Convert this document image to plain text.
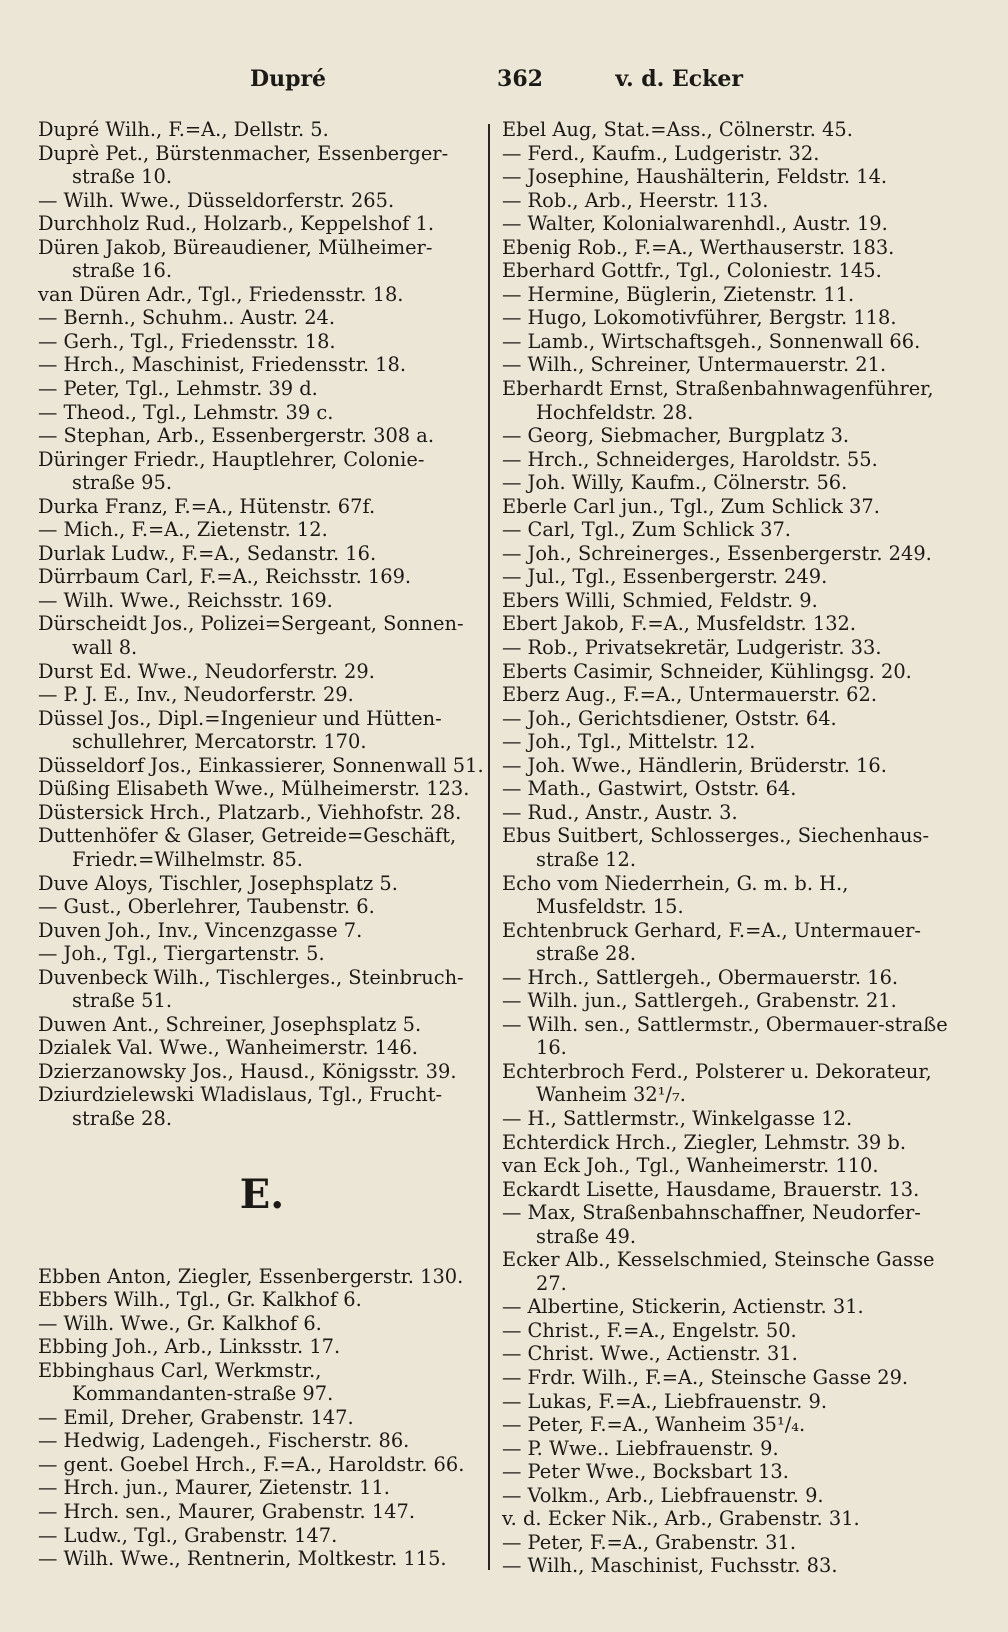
Dupré	362	v. d. Ecker
Dupré Wilh., F.=A., Dellstr. 5.
Duprè Pet., Bürstenmacher, Essenberger-straße 10.
— Wilh. Wwe., Düsseldorferstr. 265.
Durchholz Rud., Holzarb., Keppelshof 1.
Düren Jakob, Büreaudiener, Mülheimer-straße 16.
van Düren Adr., Tgl., Friedensstr. 18.
— Bernh., Schuhm.. Austr. 24.
— Gerh., Tgl., Friedensstr. 18.
— Hrch., Maschinist, Friedensstr. 18.
— Peter, Tgl., Lehmstr. 39 d.
— Theod., Tgl., Lehmstr. 39 c.
— Stephan, Arb., Essenbergerstr. 308 a.
Düringer Friedr., Hauptlehrer, Colonie-straße 95.
Durka Franz, F.=A., Hütenstr. 67f.
— Mich., F.=A., Zietenstr. 12.
Durlak Ludw., F.=A., Sedanstr. 16.
Dürrbaum Carl, F.=A., Reichsstr. 169.
— Wilh. Wwe., Reichsstr. 169.
Dürscheidt Jos., Polizei=Sergeant, Sonnen-wall 8.
Durst Ed. Wwe., Neudorferstr. 29.
— P. J. E., Inv., Neudorferstr. 29.
Düssel Jos., Dipl.=Ingenieur und Hütten-schullehrer, Mercatorstr. 170.
Düsseldorf Jos., Einkassierer, Sonnenwall 51.
Düßing Elisabeth Wwe., Mülheimerstr. 123.
Düstersick Hrch., Platzarb., Viehhofstr. 28.
Duttenhöfer & Glaser, Getreide=Geschäft, Friedr.=Wilhelmstr. 85.
Duve Aloys, Tischler, Josephsplatz 5.
— Gust., Oberlehrer, Taubenstr. 6.
Duven Joh., Inv., Vincenzgasse 7.
— Joh., Tgl., Tiergartenstr. 5.
Duvenbeck Wilh., Tischlerges., Steinbruch-straße 51.
Duwen Ant., Schreiner, Josephsplatz 5.
Dzialek Val. Wwe., Wanheimerstr. 146.
Dzierzanowsky Jos., Hausd., Königsstr. 39.
Dziurdzielewski Wladislaus, Tgl., Frucht-straße 28.
E.
Ebben Anton, Ziegler, Essenbergerstr. 130.
Ebbers Wilh., Tgl., Gr. Kalkhof 6.
— Wilh. Wwe., Gr. Kalkhof 6.
Ebbing Joh., Arb., Linksstr. 17.
Ebbinghaus Carl, Werkmstr., Kommandanten-straße 97.
— Emil, Dreher, Grabenstr. 147.
— Hedwig, Ladengeh., Fischerstr. 86.
— gent. Goebel Hrch., F.=A., Haroldstr. 66.
— Hrch. jun., Maurer, Zietenstr. 11.
— Hrch. sen., Maurer, Grabenstr. 147.
— Ludw., Tgl., Grabenstr. 147.
— Wilh. Wwe., Rentnerin, Moltkestr. 115.
Ebel Aug, Stat.=Ass., Cölnerstr. 45.
— Ferd., Kaufm., Ludgeristr. 32.
— Josephine, Haushälterin, Feldstr. 14.
— Rob., Arb., Heerstr. 113.
— Walter, Kolonialwarenhdl., Austr. 19.
Ebenig Rob., F.=A., Werthauserstr. 183.
Eberhard Gottfr., Tgl., Coloniestr. 145.
— Hermine, Büglerin, Zietenstr. 11.
— Hugo, Lokomotivführer, Bergstr. 118.
— Lamb., Wirtschaftsgeh., Sonnenwall 66.
— Wilh., Schreiner, Untermauerstr. 21.
Eberhardt Ernst, Straßenbahnwagenführer, Hochfeldstr. 28.
— Georg, Siebmacher, Burgplatz 3.
— Hrch., Schneiderges, Haroldstr. 55.
— Joh. Willy, Kaufm., Cölnerstr. 56.
Eberle Carl jun., Tgl., Zum Schlick 37.
— Carl, Tgl., Zum Schlick 37.
— Joh., Schreinerges., Essenbergerstr. 249.
— Jul., Tgl., Essenbergerstr. 249.
Ebers Willi, Schmied, Feldstr. 9.
Ebert Jakob, F.=A., Musfeldstr. 132.
— Rob., Privatsekretär, Ludgeristr. 33.
Eberts Casimir, Schneider, Kühlingsg. 20.
Eberz Aug., F.=A., Untermauerstr. 62.
— Joh., Gerichtsdiener, Oststr. 64.
— Joh., Tgl., Mittelstr. 12.
— Joh. Wwe., Händlerin, Brüderstr. 16.
— Math., Gastwirt, Oststr. 64.
— Rud., Anstr., Austr. 3.
Ebus Suitbert, Schlosserges., Siechenhaus-straße 12.
Echo vom Niederrhein, G. m. b. H., Musfeldstr. 15.
Echtenbruck Gerhard, F.=A., Untermauer-straße 28.
— Hrch., Sattlergeh., Obermauerstr. 16.
— Wilh. jun., Sattlergeh., Grabenstr. 21.
— Wilh. sen., Sattlermstr., Obermauer-straße 16.
Echterbroch Ferd., Polsterer u. Dekorateur, Wanheim 32¹/₇.
— H., Sattlermstr., Winkelgasse 12.
Echterdick Hrch., Ziegler, Lehmstr. 39 b.
van Eck Joh., Tgl., Wanheimerstr. 110.
Eckardt Lisette, Hausdame, Brauerstr. 13.
— Max, Straßenbahnschaffner, Neudorfer-straße 49.
Ecker Alb., Kesselschmied, Steinsche Gasse 27.
— Albertine, Stickerin, Actienstr. 31.
— Christ., F.=A., Engelstr. 50.
— Christ. Wwe., Actienstr. 31.
— Frdr. Wilh., F.=A., Steinsche Gasse 29.
— Lukas, F.=A., Liebfrauenstr. 9.
— Peter, F.=A., Wanheim 35¹/₄.
— P. Wwe.. Liebfrauenstr. 9.
— Peter Wwe., Bocksbart 13.
— Volkm., Arb., Liebfrauenstr. 9.
v. d. Ecker Nik., Arb., Grabenstr. 31.
— Peter, F.=A., Grabenstr. 31.
— Wilh., Maschinist, Fuchsstr. 83.
